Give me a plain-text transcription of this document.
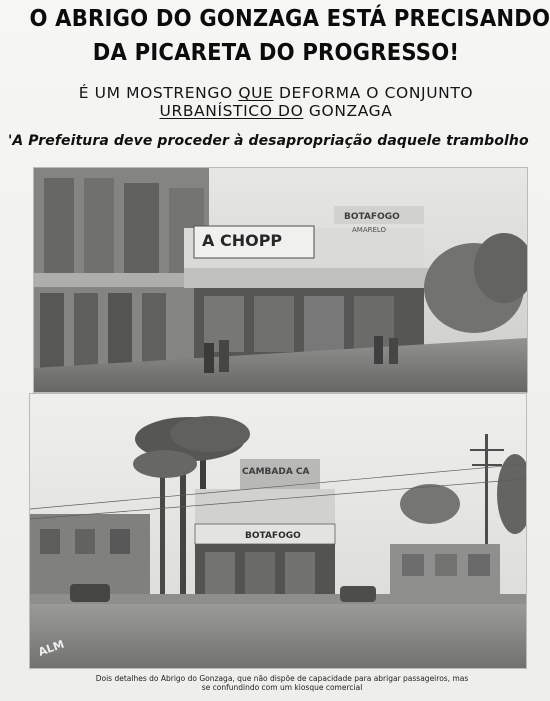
O ABRIGO DO GONZAGA ESTÁ PRECISANDO
DA PICARETA DO PROGRESSO!
É UM MOSTRENGO QUE DEFORMA O CONJUNTO
URBANÍSTICO DO GONZAGA
'A Prefeitura deve proceder à desapropriação daquele trambolho
A CHOPP
BOTAFOGO
AMARELO
CAMBADA CA
BOTAFOGO
ALM
Dois detalhes do Abrigo do Gonzaga, que não dispõe de capacidade para abrigar passageiros, mas
se confundindo com um kiosque comercial
